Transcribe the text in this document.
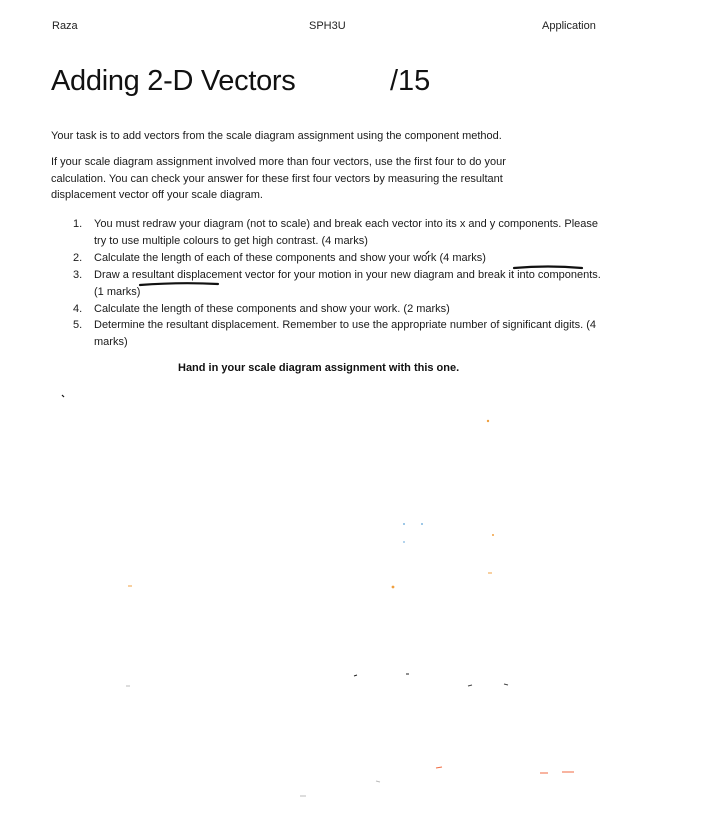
Raza	SPH3U	Application
Adding 2-D Vectors	/15
Your task is to add vectors from the scale diagram assignment using the component method.
If your scale diagram assignment involved more than four vectors, use the first four to do your calculation. You can check your answer for these first four vectors by measuring the resultant displacement vector off your scale diagram.
1. You must redraw your diagram (not to scale) and break each vector into its x and y components. Please try to use multiple colours to get high contrast. (4 marks)
2. Calculate the length of each of these components and show your work (4 marks)
3. Draw a resultant displacement vector for your motion in your new diagram and break it into components. (1 marks)
4. Calculate the length of these components and show your work. (2 marks)
5. Determine the resultant displacement. Remember to use the appropriate number of significant digits. (4 marks)
Hand in your scale diagram assignment with this one.
